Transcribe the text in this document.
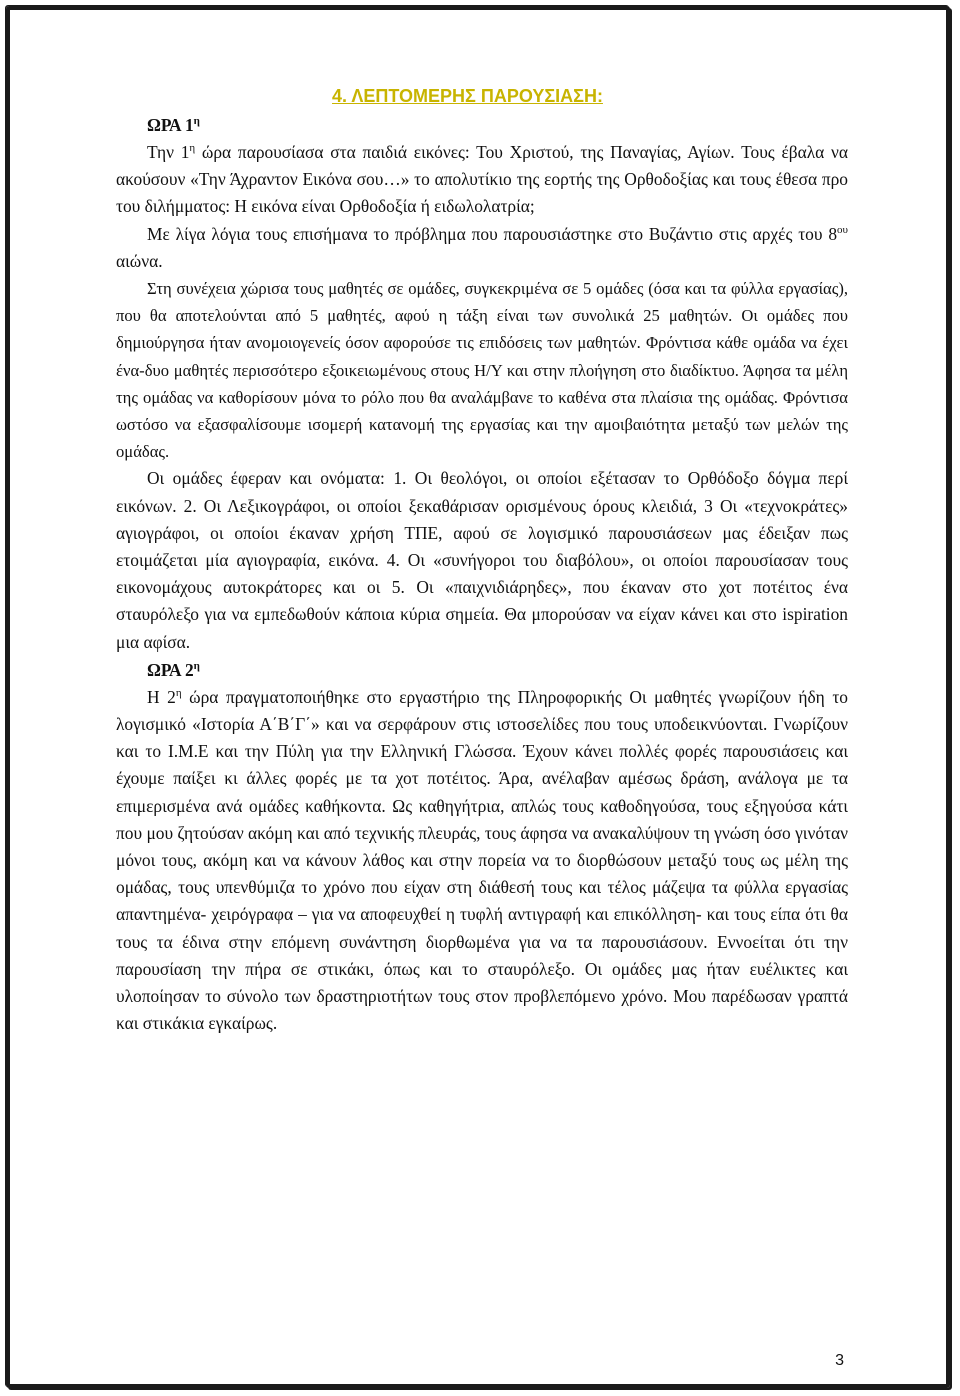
4. ΛΕΠΤΟΜΕΡΗΣ ΠΑΡΟΥΣΙΑΣΗ:
ΩΡΑ $1^\eta$

Την $1^\eta$ ώρα παρουσίασα στα παιδιά εικόνες: Του Χριστού, της Παναγίας, Αγίων. Τους έβαλα να ακούσουν «Την Άχραντον Εικόνα σου…» το απολυτίκιο της εορτής της Ορθοδοξίας και τους έθεσα προ του διλήμματος: Η εικόνα είναι Ορθοδοξία ή ειδωλολατρία;

Με λίγα λόγια τους επισήμανα το πρόβλημα που παρουσιάστηκε στο Βυζάντιο στις αρχές του $8^{o\upsilon}$ αιώνα.

Στη συνέχεια χώρισα τους μαθητές σε ομάδες, συγκεκριμένα σε 5 ομάδες (όσα και τα φύλλα εργασίας), που θα αποτελούνται από 5 μαθητές, αφού η τάξη είναι των συνολικά 25 μαθητών. Οι ομάδες που δημιούργησα ήταν ανομοιογενείς όσον αφορούσε τις επιδόσεις των μαθητών. Φρόντισα κάθε ομάδα να έχει ένα-δυο μαθητές περισσότερο εξοικειωμένους στους Η/Υ και στην πλοήγηση στο διαδίκτυο. Άφησα τα μέλη της ομάδας να καθορίσουν μόνα το ρόλο που θα αναλάμβανε το καθένα στα πλαίσια της ομάδας. Φρόντισα ωστόσο να εξασφαλίσουμε ισομερή κατανομή της εργασίας και την αμοιβαιότητα μεταξύ των μελών της ομάδας.

Οι ομάδες έφεραν και ονόματα: 1. Οι θεολόγοι, οι οποίοι εξέτασαν το Ορθόδοξο δόγμα περί εικόνων. 2. Οι Λεξικογράφοι, οι οποίοι ξεκαθάρισαν ορισμένους όρους κλειδιά, 3 Οι «τεχνοκράτες» αγιογράφοι, οι οποίοι έκαναν χρήση ΤΠΕ, αφού σε λογισμικό παρουσιάσεων μας έδειξαν πως ετοιμάζεται μία αγιογραφία, εικόνα. 4. Οι «συνήγοροι του διαβόλου», οι οποίοι παρουσίασαν τους εικονομάχους αυτοκράτορες και οι 5. Οι «παιχνιδιάρηδες», που έκαναν στο χοτ ποτέιτος ένα σταυρόλεξο για να εμπεδωθούν κάποια κύρια σημεία. Θα μπορούσαν να είχαν κάνει και στο ispiration μια αφίσα.

ΩΡΑ $2^\eta$

Η $2^\eta$ ώρα πραγματοποιήθηκε στο εργαστήριο της Πληροφορικής Οι μαθητές γνωρίζουν ήδη το λογισμικό «Ιστορία Α΄Β΄Γ΄» και να σερφάρουν στις ιστοσελίδες που τους υποδεικνύονται. Γνωρίζουν και το Ι.Μ.Ε και την Πύλη για την Ελληνική Γλώσσα. Έχουν κάνει πολλές φορές παρουσιάσεις και έχουμε παίξει κι άλλες φορές με τα χοτ ποτέιτος. Άρα, ανέλαβαν αμέσως δράση, ανάλογα με τα επιμερισμένα ανά ομάδες καθήκοντα. Ως καθηγήτρια, απλώς τους καθοδηγούσα, τους εξηγούσα κάτι που μου ζητούσαν ακόμη και από τεχνικής πλευράς, τους άφησα να ανακαλύψουν τη γνώση όσο γινόταν μόνοι τους, ακόμη και να κάνουν λάθος και στην πορεία να το διορθώσουν μεταξύ τους ως μέλη της ομάδας, τους υπενθύμιζα το χρόνο που είχαν στη διάθεσή τους και τέλος μάζεψα τα φύλλα εργασίας απαντημένα- χειρόγραφα – για να αποφευχθεί η τυφλή αντιγραφή και επικόλληση- και τους είπα ότι θα τους τα έδινα στην επόμενη συνάντηση διορθωμένα για να τα παρουσιάσουν. Εννοείται ότι την παρουσίαση την πήρα σε στικάκι, όπως και το σταυρόλεξο. Οι ομάδες μας ήταν ευέλικτες και υλοποίησαν το σύνολο των δραστηριοτήτων τους στον προβλεπόμενο χρόνο. Μου παρέδωσαν γραπτά και στικάκια εγκαίρως.

3
